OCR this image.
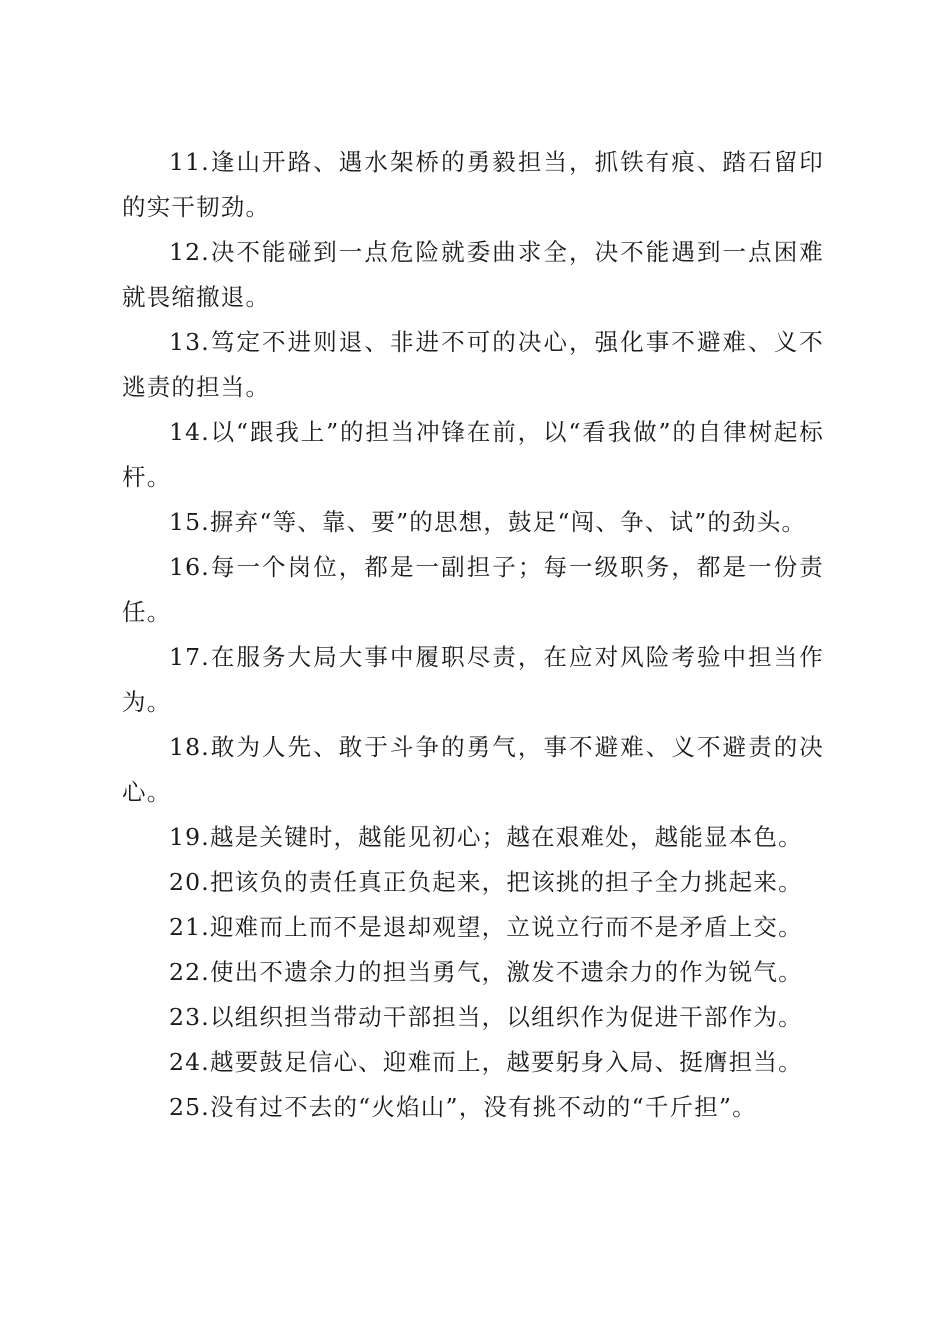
11.逢山开路、遇水架桥的勇毅担当，抓铁有痕、踏石留印的实干韧劲。

12.决不能碰到一点危险就委曲求全，决不能遇到一点困难就畏缩撤退。

13.笃定不进则退、非进不可的决心，强化事不避难、义不逃责的担当。

14.以“跟我上”的担当冲锋在前，以“看我做”的自律树起标杆。

15.摒弃“等、靠、要”的思想，鼓足“闯、争、试”的劲头。

16.每一个岗位，都是一副担子；每一级职务，都是一份责任。

17.在服务大局大事中履职尽责，在应对风险考验中担当作为。

18.敢为人先、敢于斗争的勇气，事不避难、义不避责的决心。

19.越是关键时，越能见初心；越在艰难处，越能显本色。

20.把该负的责任真正负起来，把该挑的担子全力挑起来。

21.迎难而上而不是退却观望，立说立行而不是矛盾上交。

22.使出不遗余力的担当勇气，激发不遗余力的作为锐气。

23.以组织担当带动干部担当，以组织作为促进干部作为。

24.越要鼓足信心、迎难而上，越要躬身入局、挺膺担当。

25.没有过不去的“火焰山”，没有挑不动的“千斤担”。
